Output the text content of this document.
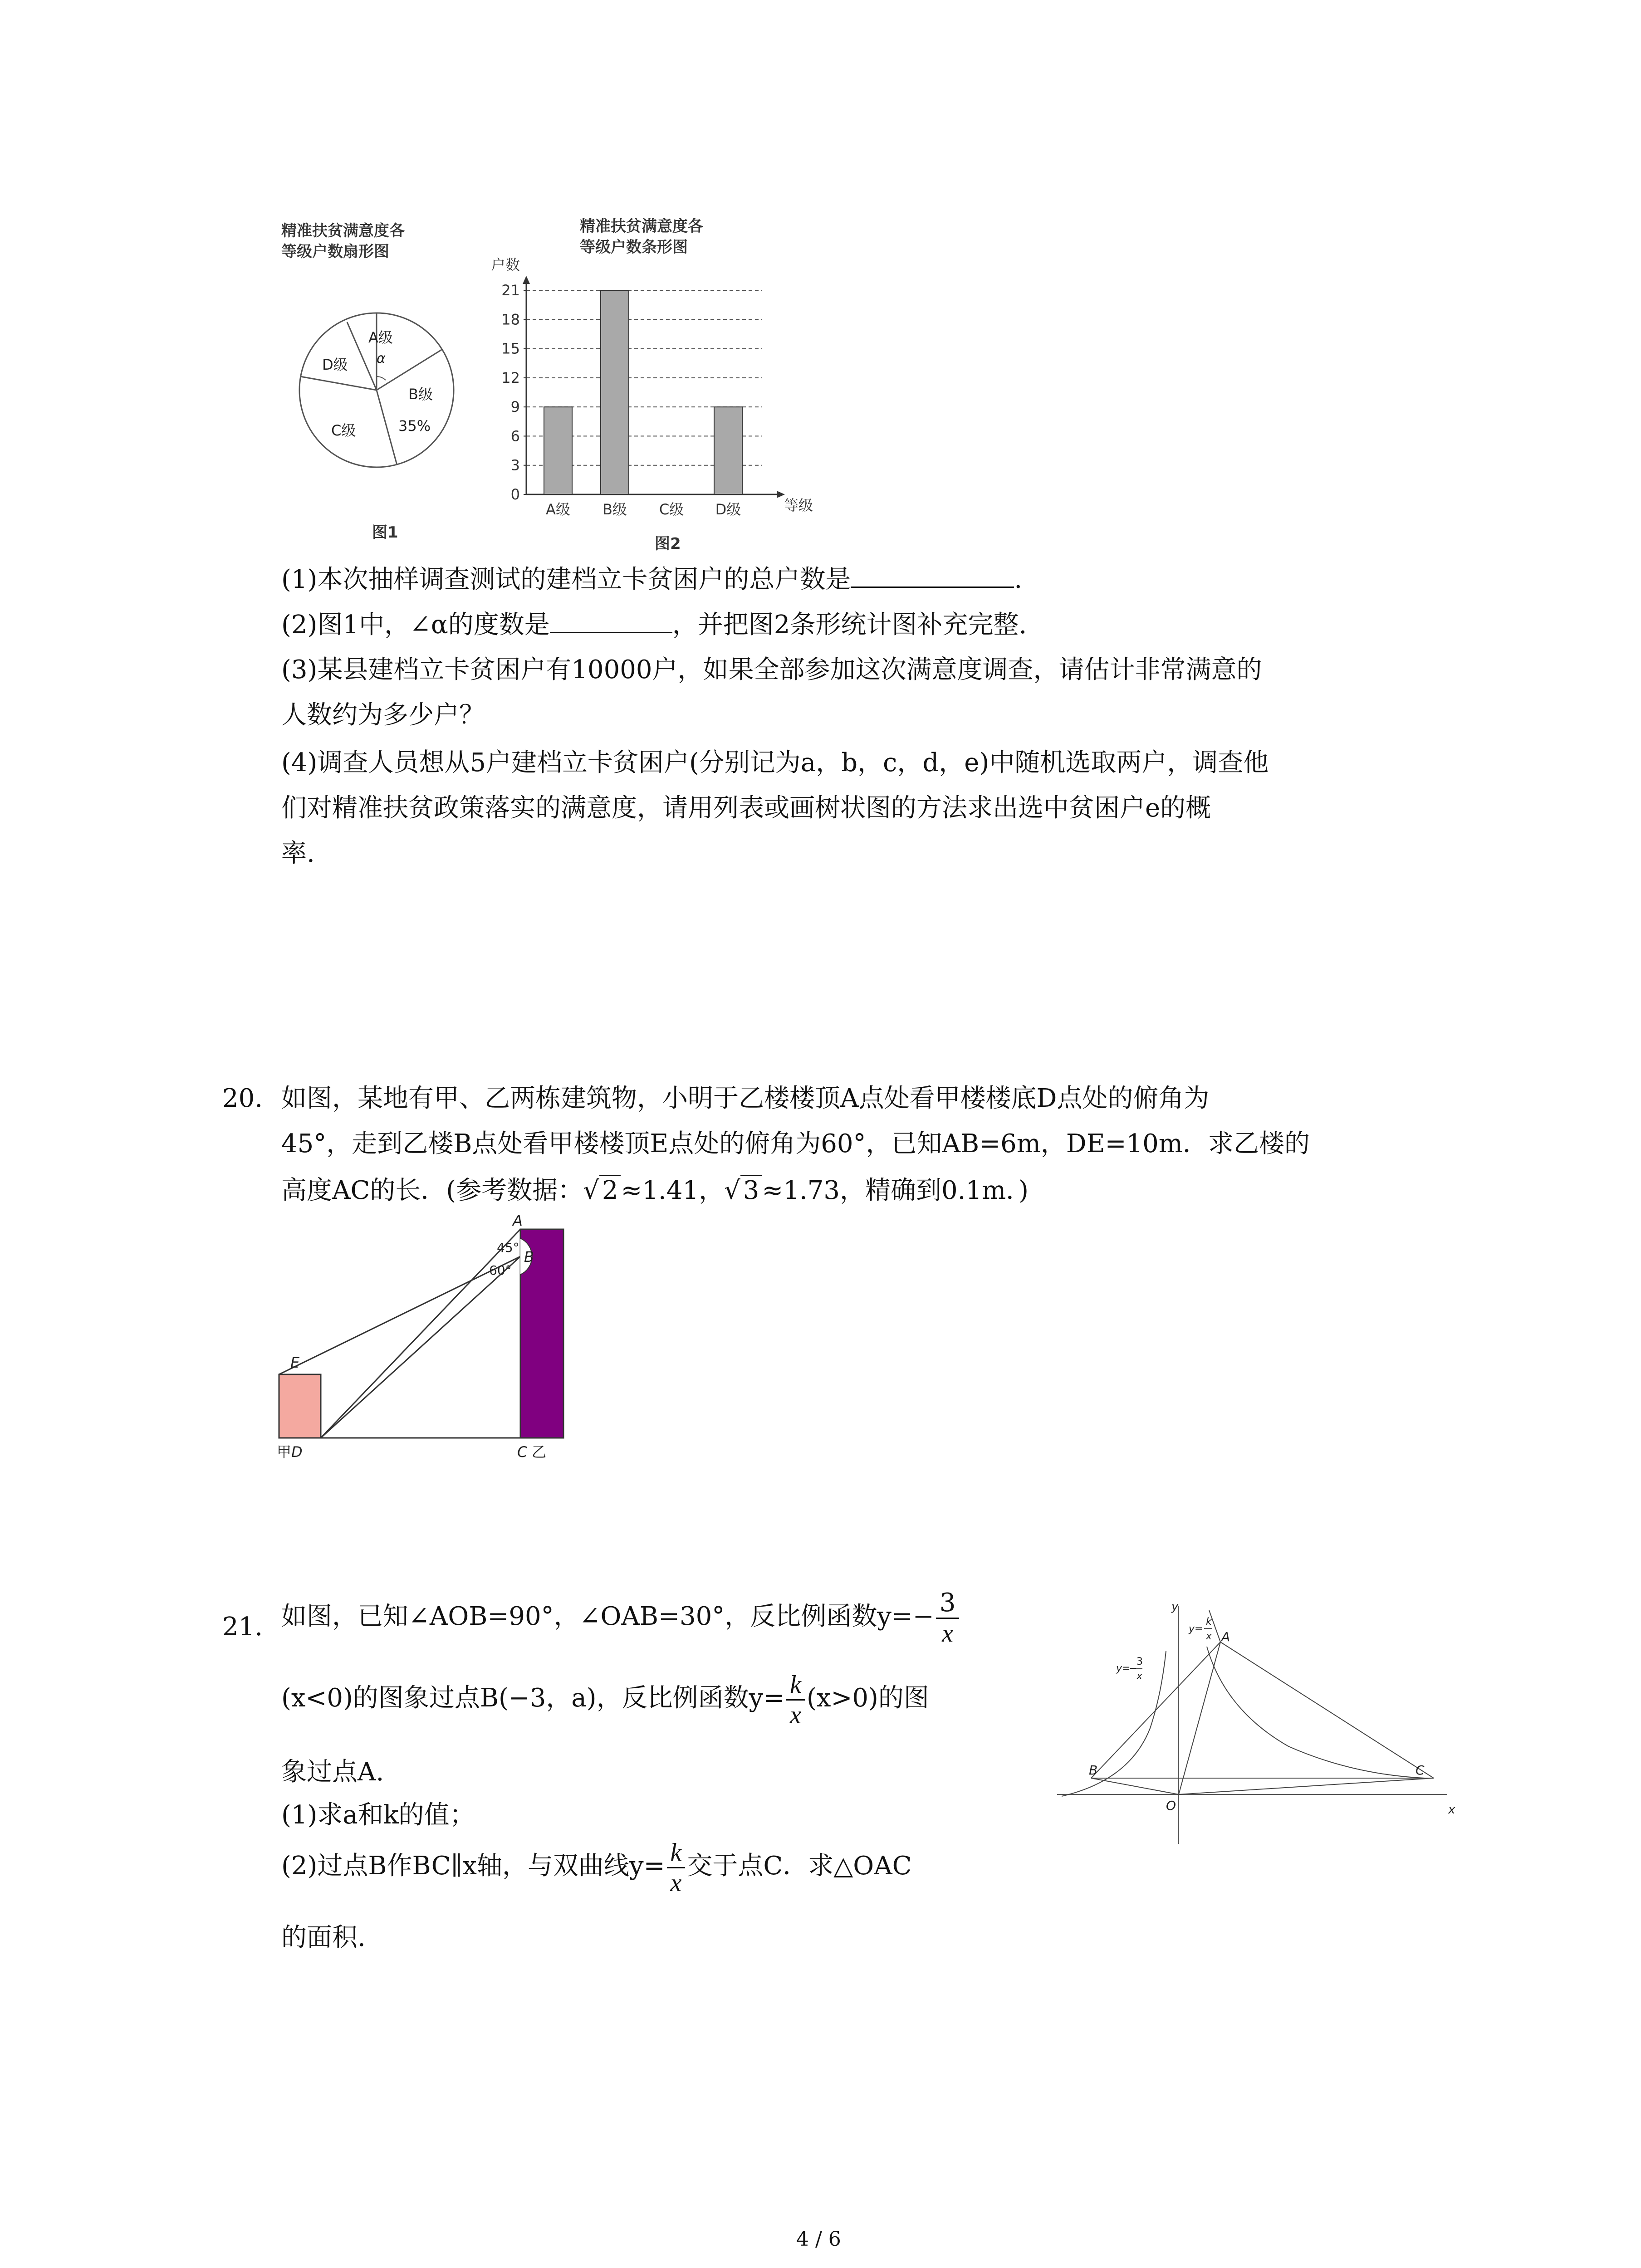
精准扶贫满意度各
等级户数扇形图
A级
α
D级
B级
35%
C级
图1
精准扶贫满意度各
等级户数条形图
户数
等级
图2
0
3
6
9
12
15
18
21
A级 B级 C级 D级
(1)本次抽样调查测试的建档立卡贫困户的总户数是	.
(2)图1中，∠α的度数是	，并把图2条形统计图补充完整.
(3)某县建档立卡贫困户有10000户，如果全部参加这次满意度调查，请估计非常满意的
人数约为多少户？
(4)调查人员想从5户建档立卡贫困户(分别记为a，b，c，d，e)中随机选取两户，调查他
们对精准扶贫政策落实的满意度，请用列表或画树状图的方法求出选中贫困户e的概
率.
20. 如图，某地有甲、乙两栋建筑物，小明于乙楼楼顶A点处看甲楼楼底D点处的俯角为
45°，走到乙楼B点处看甲楼楼顶E点处的俯角为60°，已知AB=6m，DE=10m．求乙楼的
高度AC的长．(参考数据：√ 2 ≈1.41，√ 3 ≈1.73，精确到0.1m．)
A
B
45°
60°
E
甲 D	C 乙
21. 如图，已知∠AOB=90°，∠OAB=30°，反比例函数$y=- \frac{3}{x}$
(x<0)的图象过点B(−3，a)，反比例函数$y= \frac{k}{x} (x>0)$的图
象过点A.
(1)求a和k的值；
(2)过点B作BC∥x轴，与双曲线$y= \frac{k}{x}$ 交于点C．求△OAC
的面积.
y
x
A
B	C
O
y=
−
3
x
y=
k
x
4 / 6
